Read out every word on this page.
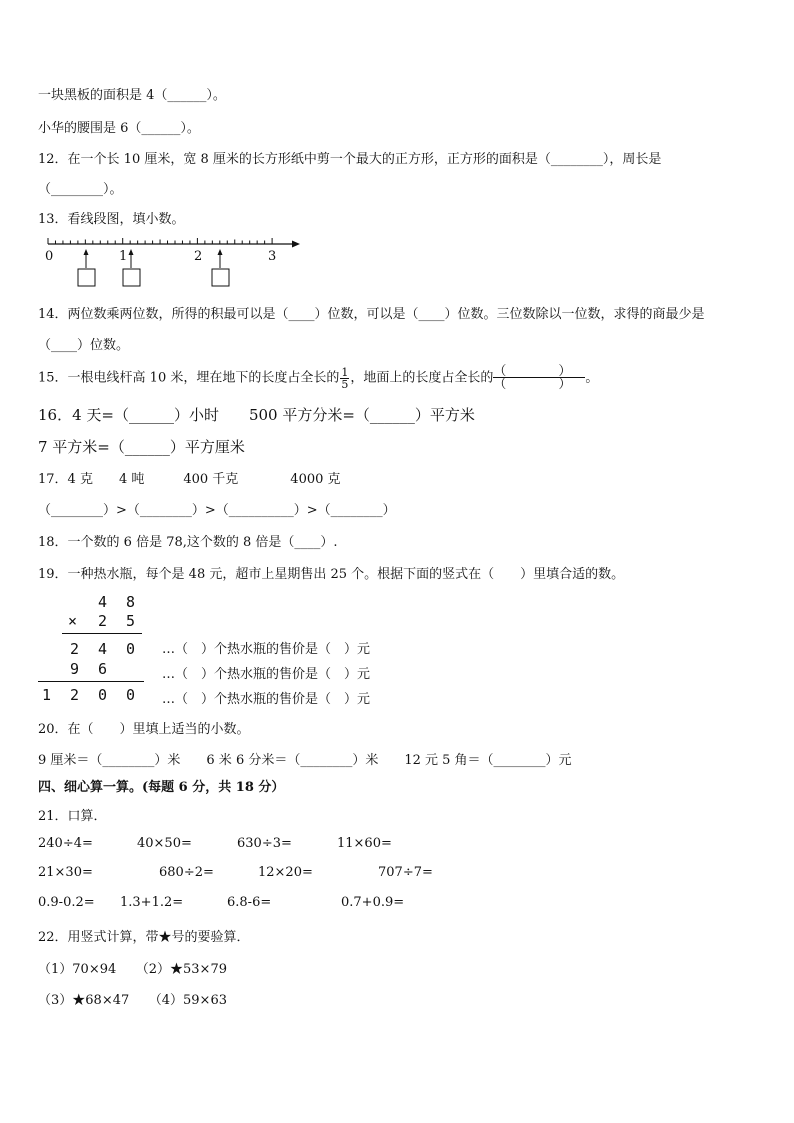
一块黑板的面积是 4（______）。
小华的腰围是 6（______）。
12．在一个长 10 厘米，宽 8 厘米的长方形纸中剪一个最大的正方形，正方形的面积是（________），周长是
（________）。
13．看线段图，填小数。
0	1	2	3
14．两位数乘两位数，所得的积最可以是（____）位数，可以是（____）位数。三位数除以一位数，求得的商最少是
（____）位数。
15．一根电线杆高 10 米，埋在地下的长度占全长的 $\frac{1}{5}$ ，地面上的长度占全长的 （　　　　）
（　　　　）	。
16．4 天=（______）小时　　500 平方分米=（______）平方米
7 平方米=（______）平方厘米
17．4 克　　4 吨　　　400 千克　　　　4000 克
（________）>（________）>（__________）>（________）
18．一个数的 6 倍是 78,这个数的 8 倍是（____）.
19．一种热水瓶，每个是 48 元，超市上星期售出 25 个。根据下面的竖式在（　　）里填合适的数。
4 8
× 2 5
2 4 0
9 6
1 2 0 0
…（　）个热水瓶的售价是（　）元
…（　）个热水瓶的售价是（　）元
…（　）个热水瓶的售价是（　）元
20．在（　　）里填上适当的小数。
9 厘米＝（________）米　　6 米 6 分米＝（________）米　　12 元 5 角＝（________）元
四、细心算一算。(每题 6 分，共 18 分）
21．口算．
240÷4=	40×50=	630÷3=	11×60=
21×30=	680÷2=	12×20=	707÷7=
0.9-0.2= 1.3+1.2=	6.8-6=	0.7+0.9=
22．用竖式计算，带★号的要验算．
（1）70×94　　（2）★53×79
（3）★68×47　　（4）59×63
